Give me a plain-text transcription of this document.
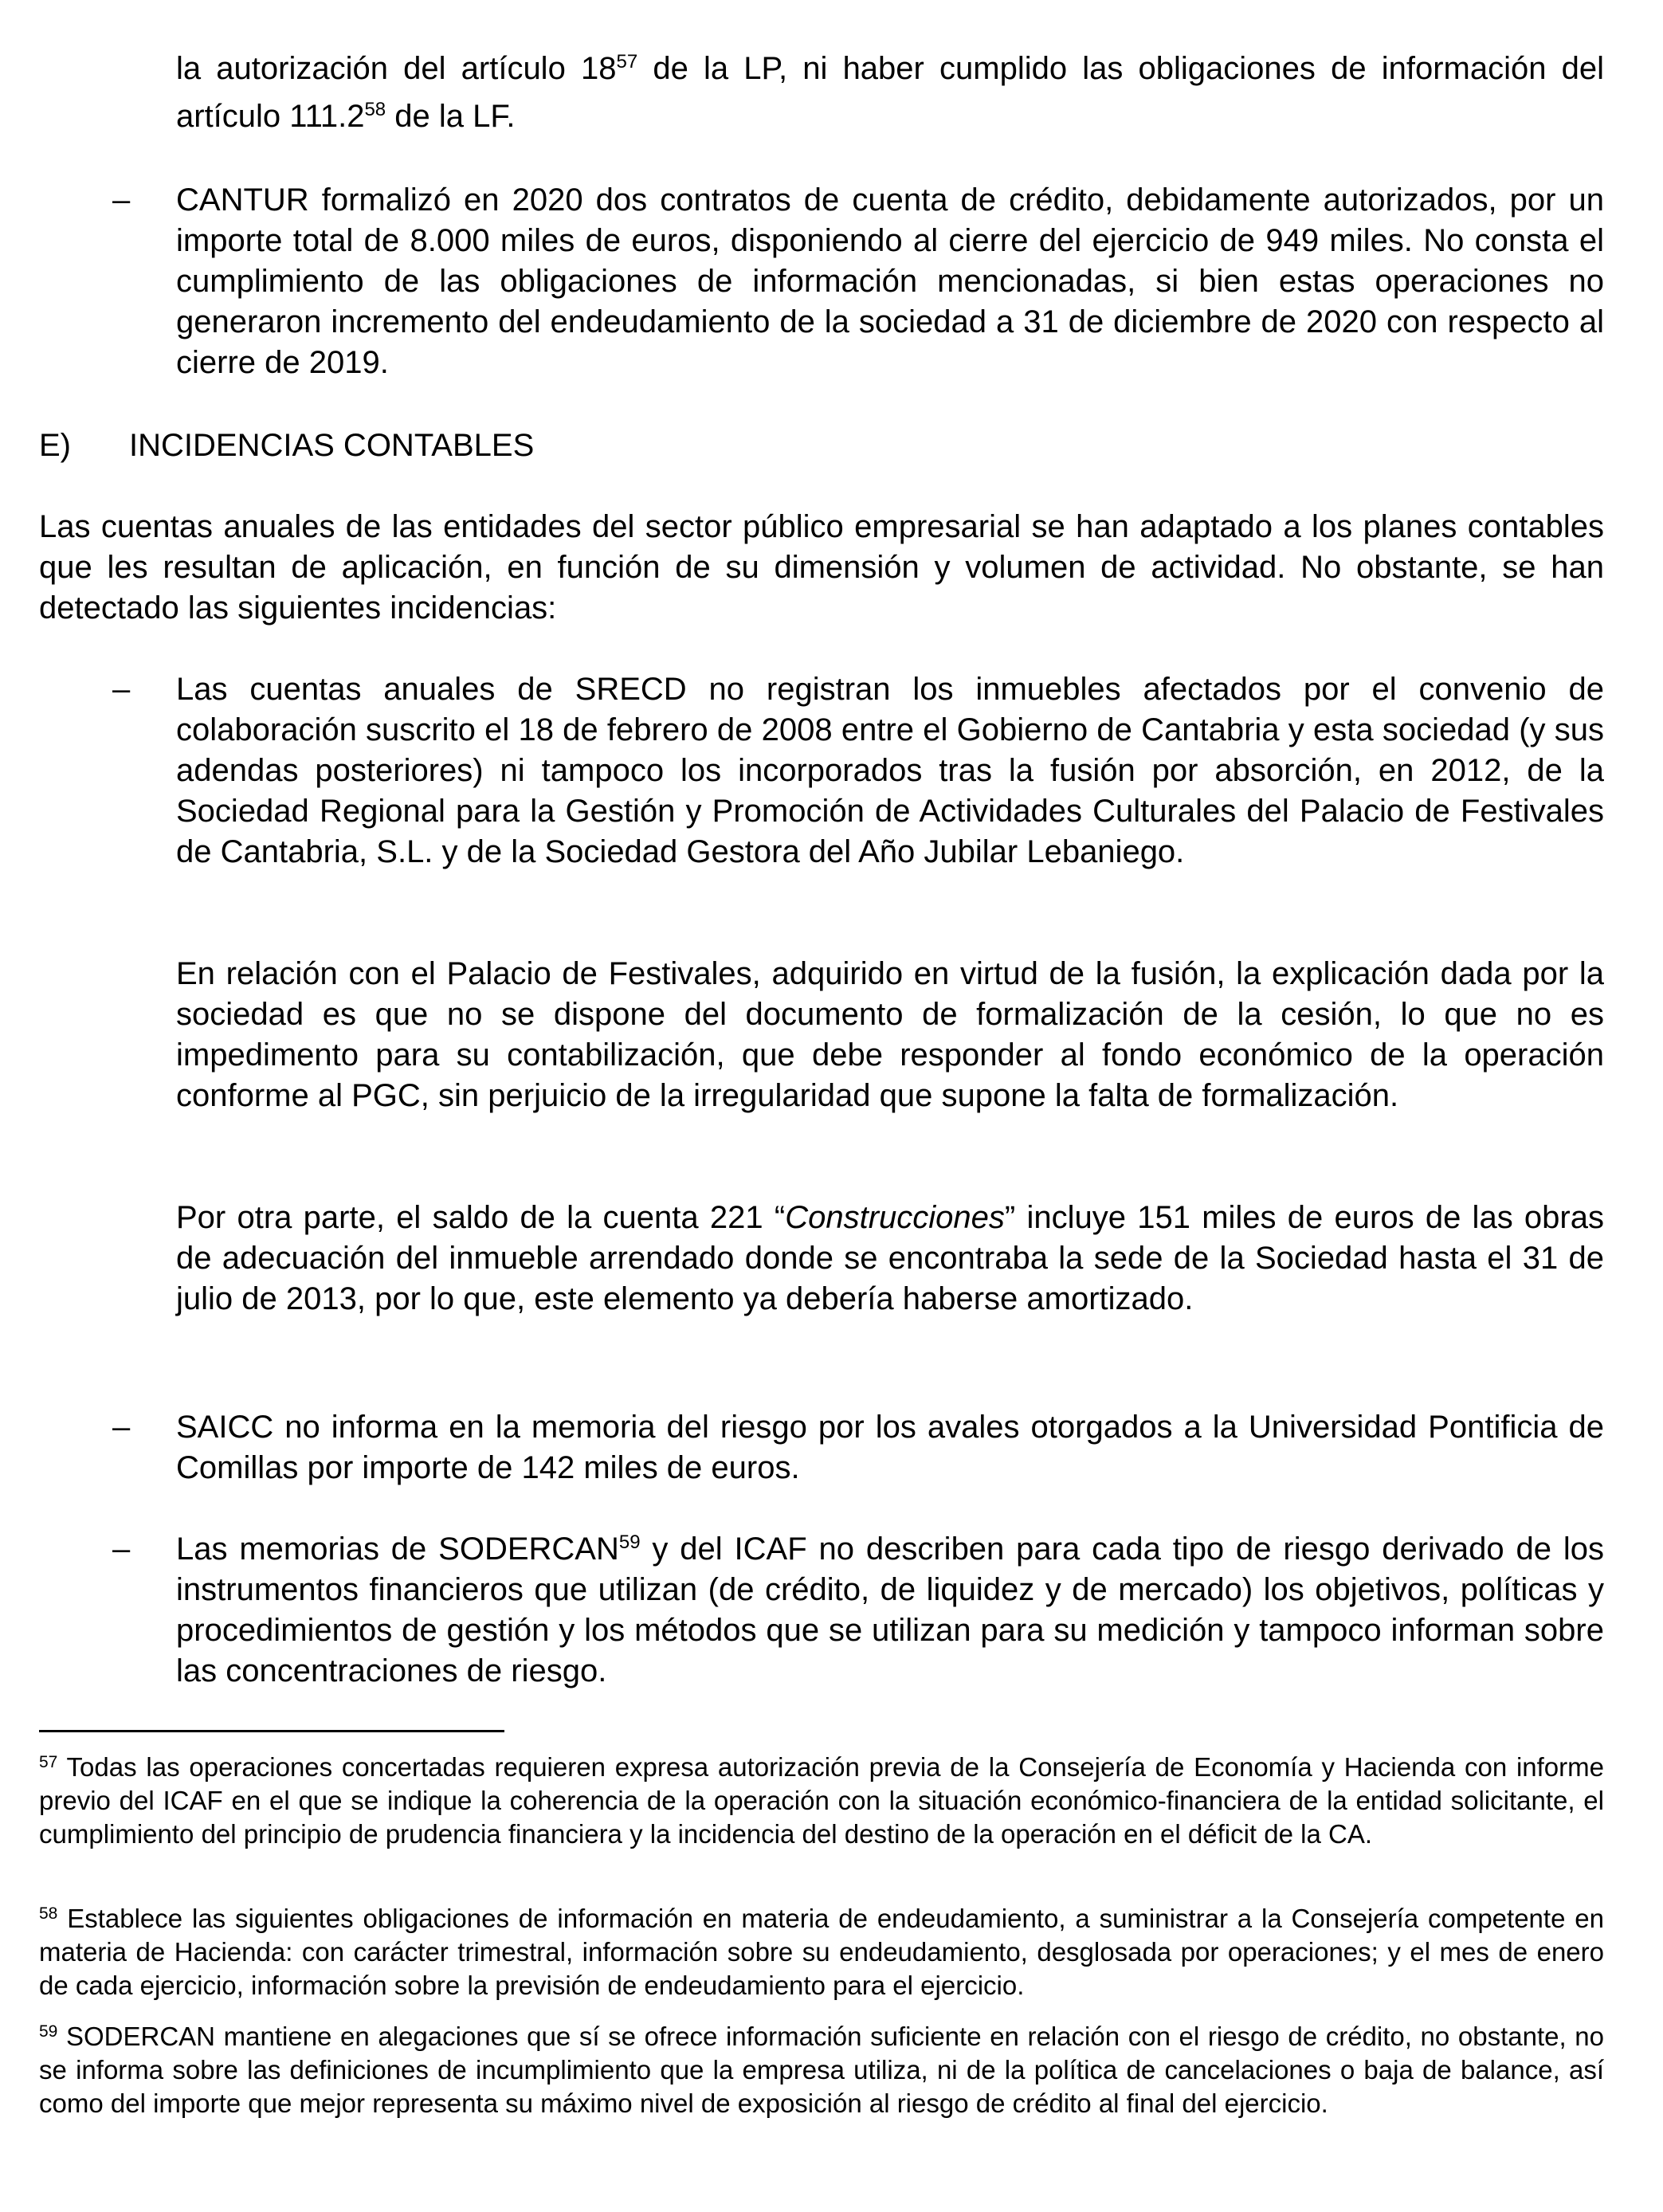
la autorización del artículo $18^{57}$ de la LP, ni haber cumplido las obligaciones de información del artículo 111.2$^{58}$ de la LF.
– CANTUR formalizó en 2020 dos contratos de cuenta de crédito, debidamente autorizados, por un importe total de 8.000 miles de euros, disponiendo al cierre del ejercicio de 949 miles. No consta el cumplimiento de las obligaciones de información mencionadas, si bien estas operaciones no generaron incremento del endeudamiento de la sociedad a 31 de diciembre de 2020 con respecto al cierre de 2019.
E) INCIDENCIAS CONTABLES
Las cuentas anuales de las entidades del sector público empresarial se han adaptado a los planes contables que les resultan de aplicación, en función de su dimensión y volumen de actividad. No obstante, se han detectado las siguientes incidencias:
– Las cuentas anuales de SRECD no registran los inmuebles afectados por el convenio de colaboración suscrito el 18 de febrero de 2008 entre el Gobierno de Cantabria y esta sociedad (y sus adendas posteriores) ni tampoco los incorporados tras la fusión por absorción, en 2012, de la Sociedad Regional para la Gestión y Promoción de Actividades Culturales del Palacio de Festivales de Cantabria, S.L. y de la Sociedad Gestora del Año Jubilar Lebaniego.
En relación con el Palacio de Festivales, adquirido en virtud de la fusión, la explicación dada por la sociedad es que no se dispone del documento de formalización de la cesión, lo que no es impedimento para su contabilización, que debe responder al fondo económico de la operación conforme al PGC, sin perjuicio de la irregularidad que supone la falta de formalización.
Por otra parte, el saldo de la cuenta 221 “Construcciones” incluye 151 miles de euros de las obras de adecuación del inmueble arrendado donde se encontraba la sede de la Sociedad hasta el 31 de julio de 2013, por lo que, este elemento ya debería haberse amortizado.
– SAICC no informa en la memoria del riesgo por los avales otorgados a la Universidad Pontificia de Comillas por importe de 142 miles de euros.
– Las memorias de SODERCAN$^{59}$ y del ICAF no describen para cada tipo de riesgo derivado de los instrumentos financieros que utilizan (de crédito, de liquidez y de mercado) los objetivos, políticas y procedimientos de gestión y los métodos que se utilizan para su medición y tampoco informan sobre las concentraciones de riesgo.
$^{57}$ Todas las operaciones concertadas requieren expresa autorización previa de la Consejería de Economía y Hacienda con informe previo del ICAF en el que se indique la coherencia de la operación con la situación económico-financiera de la entidad solicitante, el cumplimiento del principio de prudencia financiera y la incidencia del destino de la operación en el déficit de la CA.
$^{58}$ Establece las siguientes obligaciones de información en materia de endeudamiento, a suministrar a la Consejería competente en materia de Hacienda: con carácter trimestral, información sobre su endeudamiento, desglosada por operaciones; y el mes de enero de cada ejercicio, información sobre la previsión de endeudamiento para el ejercicio.
$^{59}$ SODERCAN mantiene en alegaciones que sí se ofrece información suficiente en relación con el riesgo de crédito, no obstante, no se informa sobre las definiciones de incumplimiento que la empresa utiliza, ni de la política de cancelaciones o baja de balance, así como del importe que mejor representa su máximo nivel de exposición al riesgo de crédito al final del ejercicio.
